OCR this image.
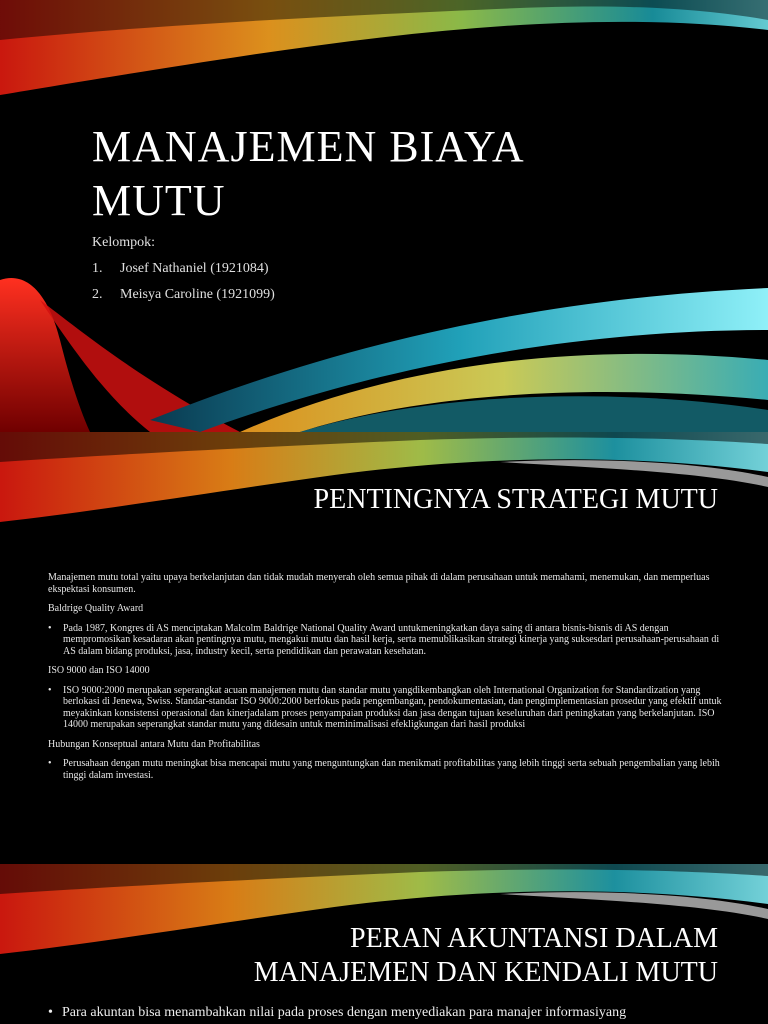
MANAJEMEN BIAYA MUTU
Kelompok:
1. Josef Nathaniel (1921084)
2. Meisya Caroline (1921099)
PENTINGNYA STRATEGI MUTU

Manajemen mutu total yaitu upaya berkelanjutan dan tidak mudah menyerah oleh semua pihak di dalam perusahaan untuk memahami, menemukan, dan memperluas ekspektasi konsumen.

Baldrige Quality Award

•	Pada 1987, Kongres di AS menciptakan Malcolm Baldrige National Quality Award untukmeningkatkan daya saing di antara bisnis-bisnis di AS dengan mempromosikan kesadaran akan pentingnya mutu, mengakui mutu dan hasil kerja, serta memublikasikan strategi kinerja yang suksesdari perusahaan-perusahaan di AS dalam bidang produksi, jasa, industry kecil, serta pendidikan dan perawatan kesehatan.

ISO 9000 dan ISO 14000

•	ISO 9000:2000 merupakan seperangkat acuan manajemen mutu dan standar mutu yangdikembangkan oleh International Organization for Standardization yang berlokasi di Jenewa, Swiss. Standar-standar ISO 9000:2000 berfokus pada pengembangan, pendokumentasian, dan pengimplementasian prosedur yang efektif untuk meyakinkan konsistensi operasional dan kinerjadalam proses penyampaian produksi dan jasa dengan tujuan keseluruhan dari peningkatan yang berkelanjutan. ISO 14000 merupakan seperangkat standar mutu yang didesain untuk meminimalisasi efekligkungan dari hasil produksi

Hubungan Konseptual antara Mutu dan Profitabilitas

•	Perusahaan dengan mutu meningkat bisa mencapai mutu yang menguntungkan dan menikmati profitabilitas yang lebih tinggi serta sebuah pengembalian yang lebih tinggi dalam investasi.
PERAN AKUNTANSI DALAM
MANAJEMEN DAN KENDALI MUTU
• Para akuntan bisa menambahkan nilai pada proses dengan menyediakan para manajer informasiyang
